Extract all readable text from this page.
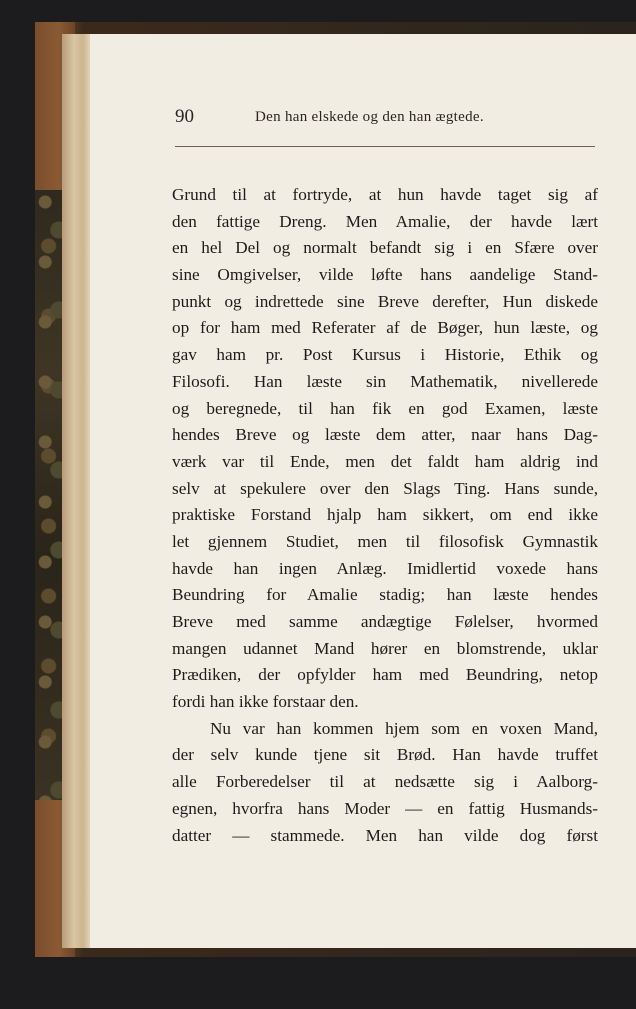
90	Den han elskede og den han ægtede.
Grund til at fortryde, at hun havde taget sig af
den fattige Dreng. Men Amalie, der havde lært
en hel Del og normalt befandt sig i en Sfære over
sine Omgivelser, vilde løfte hans aandelige Stand-
punkt og indrettede sine Breve derefter, Hun diskede
op for ham med Referater af de Bøger, hun læste, og
gav ham pr. Post Kursus i Historie, Ethik og
Filosofi. Han læste sin Mathematik, nivellerede
og beregnede, til han fik en god Examen, læste
hendes Breve og læste dem atter, naar hans Dag-
værk var til Ende, men det faldt ham aldrig ind
selv at spekulere over den Slags Ting. Hans sunde,
praktiske Forstand hjalp ham sikkert, om end ikke
let gjennem Studiet, men til filosofisk Gymnastik
havde han ingen Anlæg. Imidlertid voxede hans
Beundring for Amalie stadig; han læste hendes
Breve med samme andægtige Følelser, hvormed
mangen udannet Mand hører en blomstrende, uklar
Prædiken, der opfylder ham med Beundring, netop
fordi han ikke forstaar den.
Nu var han kommen hjem som en voxen Mand,
der selv kunde tjene sit Brød. Han havde truffet
alle Forberedelser til at nedsætte sig i Aalborg-
egnen, hvorfra hans Moder — en fattig Husmands-
datter — stammede. Men han vilde dog først
